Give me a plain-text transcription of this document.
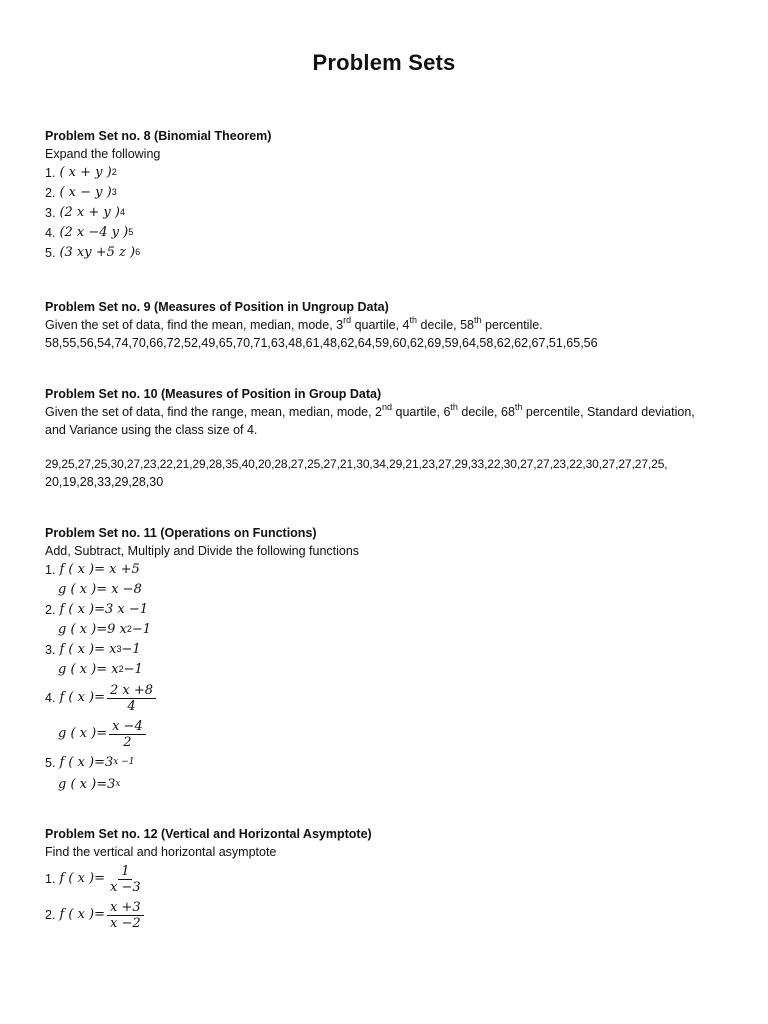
Problem Sets
Problem Set no. 8 (Binomial Theorem)
Expand the following
1. ( x + y )$^2$
2. ( x − y )$^3$
3. (2 x + y )$^4$
4. (2 x −4 y )$^5$
5. (3 xy +5 z )$^6$
Problem Set no. 9 (Measures of Position in Ungroup Data)
Given the set of data, find the mean, median, mode, 3rd quartile, 4th decile, 58th percentile.
58,55,56,54,74,70,66,72,52,49,65,70,71,63,48,61,48,62,64,59,60,62,69,59,64,58,62,62,67,51,65,56
Problem Set no. 10 (Measures of Position in Group Data)
Given the set of data, find the range, mean, median, mode, 2nd quartile, 6th decile, 68th percentile, Standard deviation,
and Variance using the class size of 4.
29,25,27,25,30,27,23,22,21,29,28,35,40,20,28,27,25,27,21,30,34,29,21,23,27,29,33,22,30,27,27,23,22,30,27,27,27,25,
20,19,28,33,29,28,30
Problem Set no. 11 (Operations on Functions)
Add, Subtract, Multiply and Divide the following functions
1. f ( x )= x +5
g ( x )= x −8
2. f ( x )=3 x −1
g ( x )=9 $x^2 -1$
3. f ( x )= $x^3 -1$
g ( x )= $x^2 -1$
4. f ( x )= $\frac{2 x +8}{4}$
g ( x )= $\frac{x -4}{2}$
5. f ( x )$=3^{x -1}$
g ( x )$=3^x$
Problem Set no. 12 (Vertical and Horizontal Asymptote)
Find the vertical and horizontal asymptote
1. f ( x )= $\frac{1}{x -3}$
2. f ( x )= $\frac{x +3}{x -2}$
